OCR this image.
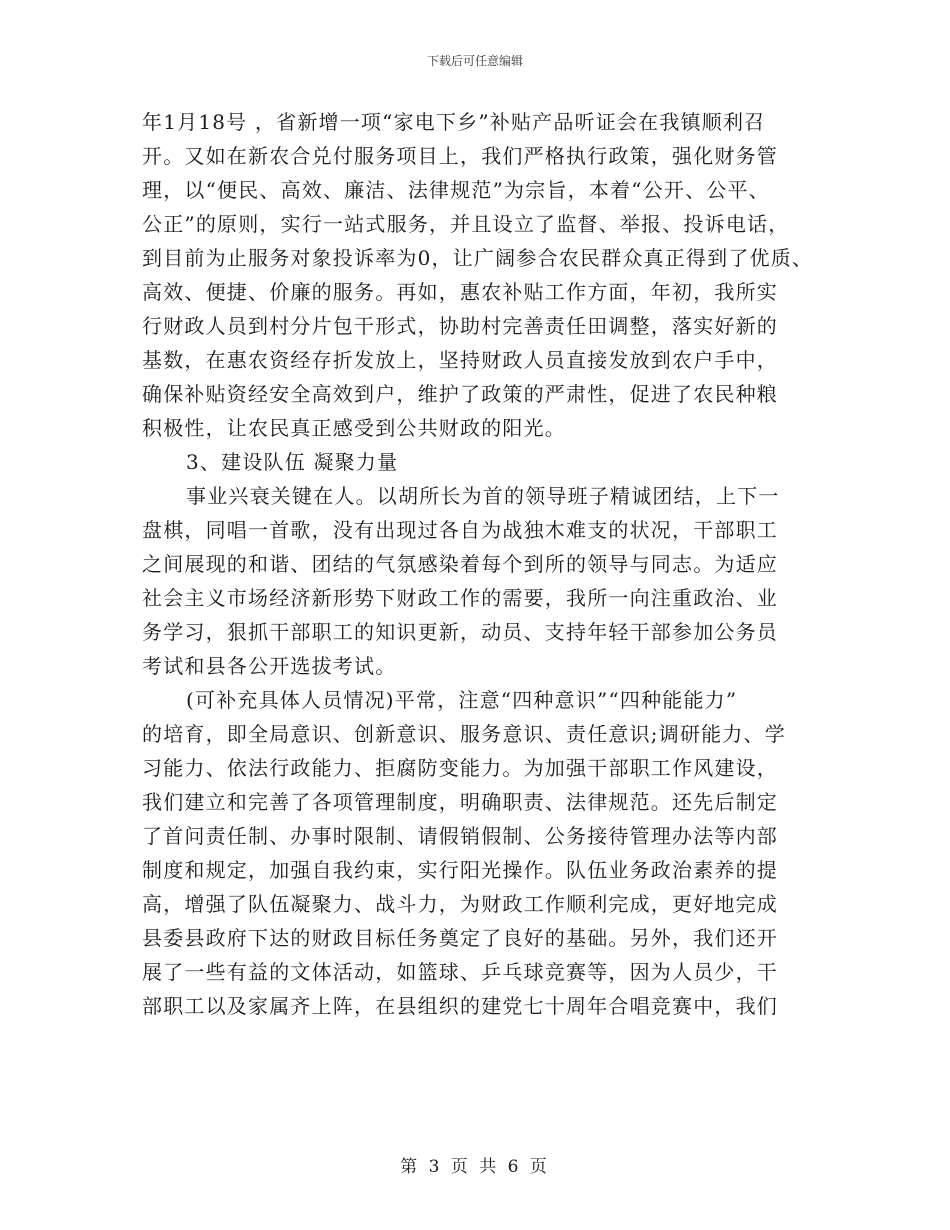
下载后可任意编辑
年1月18号 ，省新增一项“家电下乡”补贴产品听证会在我镇顺利召
开。又如在新农合兑付服务项目上，我们严格执行政策，强化财务管
理，以“便民、高效、廉洁、法律规范”为宗旨，本着“公开、公平、
公正”的原则，实行一站式服务，并且设立了监督、举报、投诉电话，
到目前为止服务对象投诉率为0，让广阔参合农民群众真正得到了优质、
高效、便捷、价廉的服务。再如，惠农补贴工作方面，年初，我所实
行财政人员到村分片包干形式，协助村完善责任田调整，落实好新的
基数，在惠农资经存折发放上，坚持财政人员直接发放到农户手中，
确保补贴资经安全高效到户，维护了政策的严肃性，促进了农民种粮
积极性，让农民真正感受到公共财政的阳光。
3、建设队伍 凝聚力量
事业兴衰关键在人。以胡所长为首的领导班子精诚团结，上下一
盘棋，同唱一首歌，没有出现过各自为战独木难支的状况，干部职工
之间展现的和谐、团结的气氛感染着每个到所的领导与同志。为适应
社会主义市场经济新形势下财政工作的需要，我所一向注重政治、业
务学习，狠抓干部职工的知识更新，动员、支持年轻干部参加公务员
考试和县各公开选拔考试。
(可补充具体人员情况)平常，注意“四种意识”“四种能能力”
的培育，即全局意识、创新意识、服务意识、责任意识;调研能力、学
习能力、依法行政能力、拒腐防变能力。为加强干部职工作风建设，
我们建立和完善了各项管理制度，明确职责、法律规范。还先后制定
了首问责任制、办事时限制、请假销假制、公务接待管理办法等内部
制度和规定，加强自我约束，实行阳光操作。队伍业务政治素养的提
高，增强了队伍凝聚力、战斗力，为财政工作顺利完成，更好地完成
县委县政府下达的财政目标任务奠定了良好的基础。另外，我们还开
展了一些有益的文体活动，如篮球、乒乓球竞赛等，因为人员少，干
部职工以及家属齐上阵，在县组织的建党七十周年合唱竞赛中，我们
第 3 页 共 6 页
